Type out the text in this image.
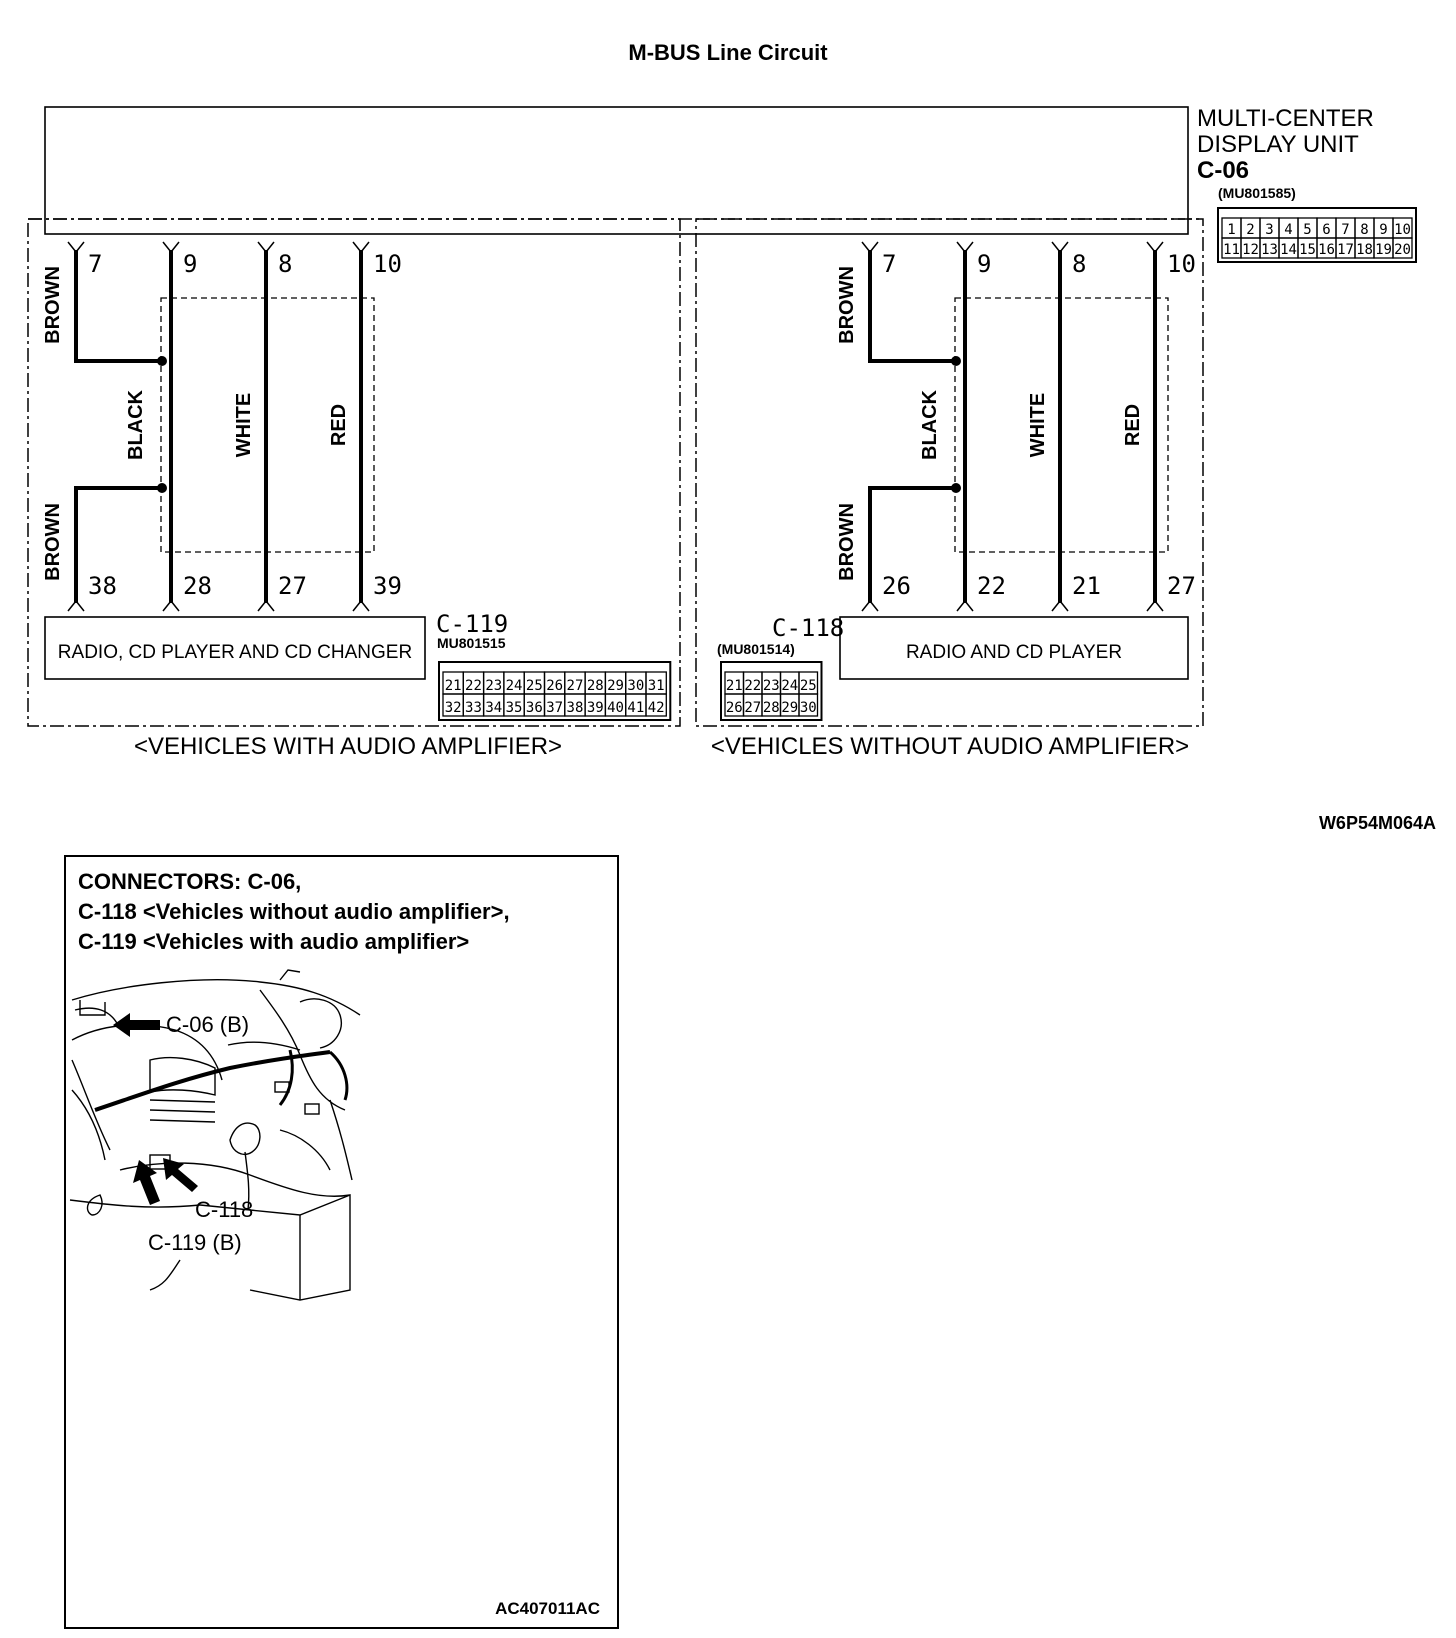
M-BUS Line Circuit
MULTI-CENTER
DISPLAY UNIT
C-06
(MU801585)
1 2 3 4 5 6 7 8 9 10
11 12 13 14 15 16 17 18 19 20
7	9	8	10
38	28	27	39
BROWN
BROWN
BLACK	WHITE	RED
RADIO, CD PLAYER AND CD CHANGER
C-119
MU801515
21 22 23 24 25 26 27 28 29 30 31
32 33 34 35 36 37 38 39 40 41 42
<VEHICLES WITH AUDIO AMPLIFIER>
7	9	8	10
26	22	21	27
BROWN
BROWN
BLACK	WHITE	RED
RADIO AND CD PLAYER
C-118
(MU801514)
21 22 23 24 25
26 27 28 29 30
<VEHICLES WITHOUT AUDIO AMPLIFIER>
W6P54M064A
CONNECTORS: C-06,
C-118 <Vehicles without audio amplifier>,
C-119 <Vehicles with audio amplifier>
C-06 (B)
C-118
C-119 (B)
AC407011AC
